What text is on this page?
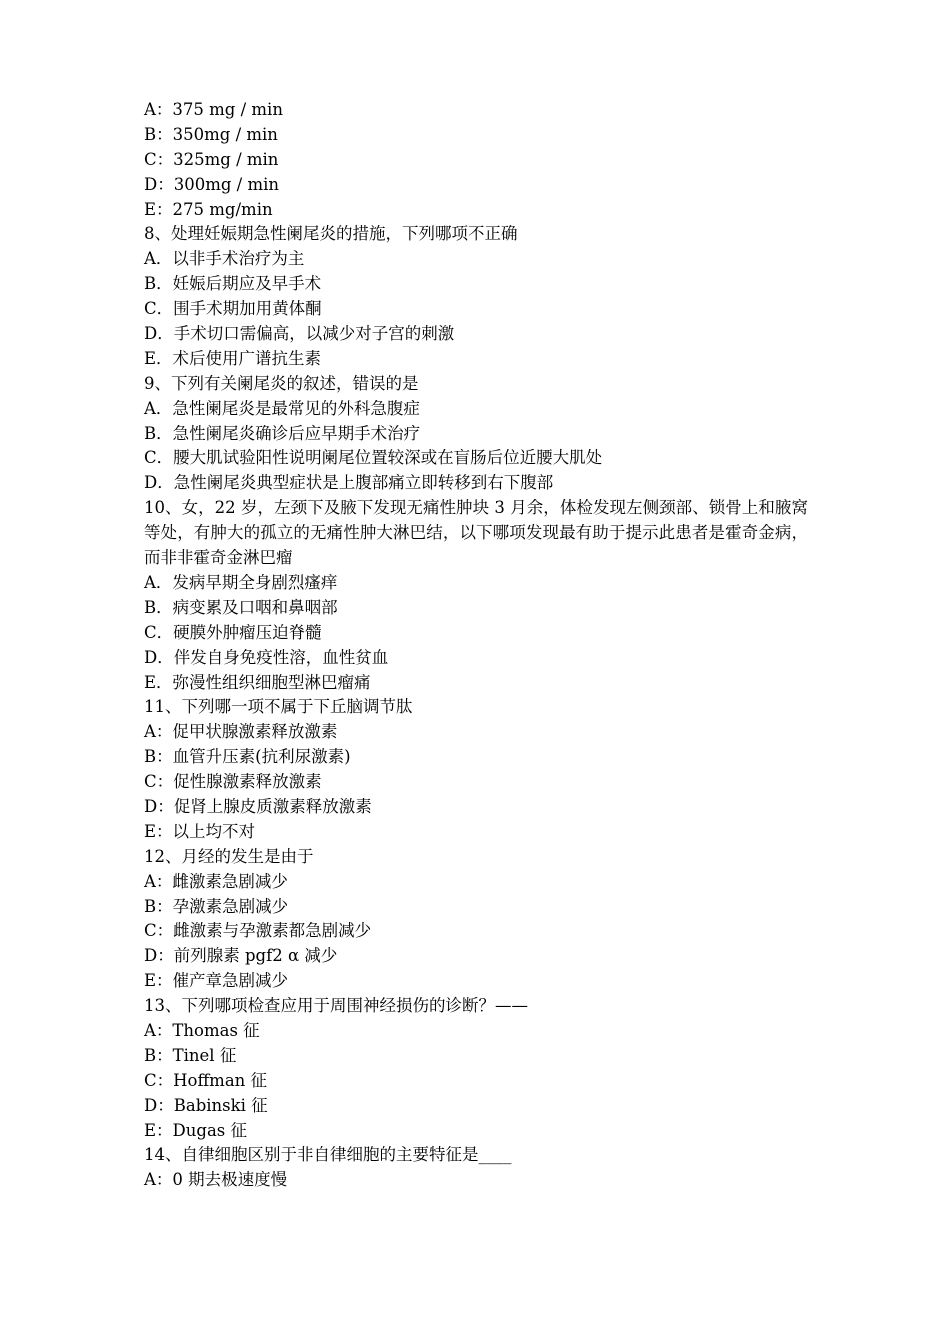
A：375 mg / min
B：350mg / min
C：325mg / min
D：300mg / min
E：275 mg/min
8、处理妊娠期急性阑尾炎的措施，下列哪项不正确
A．以非手术治疗为主
B．妊娠后期应及早手术
C．围手术期加用黄体酮
D．手术切口需偏高，以减少对子宫的刺激
E．术后使用广谱抗生素
9、下列有关阑尾炎的叙述，错误的是
A．急性阑尾炎是最常见的外科急腹症
B．急性阑尾炎确诊后应早期手术治疗
C．腰大肌试验阳性说明阑尾位置较深或在盲肠后位近腰大肌处
D．急性阑尾炎典型症状是上腹部痛立即转移到右下腹部
10、女，22 岁，左颈下及腋下发现无痛性肿块 3 月余，体检发现左侧颈部、锁骨上和腋窝等处，有肿大的孤立的无痛性肿大淋巴结，以下哪项发现最有助于提示此患者是霍奇金病，而非非霍奇金淋巴瘤
A．发病早期全身剧烈瘙痒
B．病变累及口咽和鼻咽部
C．硬膜外肿瘤压迫脊髓
D．伴发自身免疫性溶，血性贫血
E．弥漫性组织细胞型淋巴瘤痛
11、下列哪一项不属于下丘脑调节肽
A：促甲状腺激素释放激素
B：血管升压素(抗利尿激素)
C：促性腺激素释放激素
D：促肾上腺皮质激素释放激素
E：以上均不对
12、月经的发生是由于
A：雌激素急剧减少
B：孕激素急剧减少
C：雌激素与孕激素都急剧减少
D：前列腺素 pgf2 α 减少
E：催产章急剧减少
13、下列哪项检查应用于周围神经损伤的诊断？——
A：Thomas 征
B：Tinel 征
C：Hoffman 征
D：Babinski 征
E：Dugas 征
14、自律细胞区别于非自律细胞的主要特征是____
A：0 期去极速度慢
